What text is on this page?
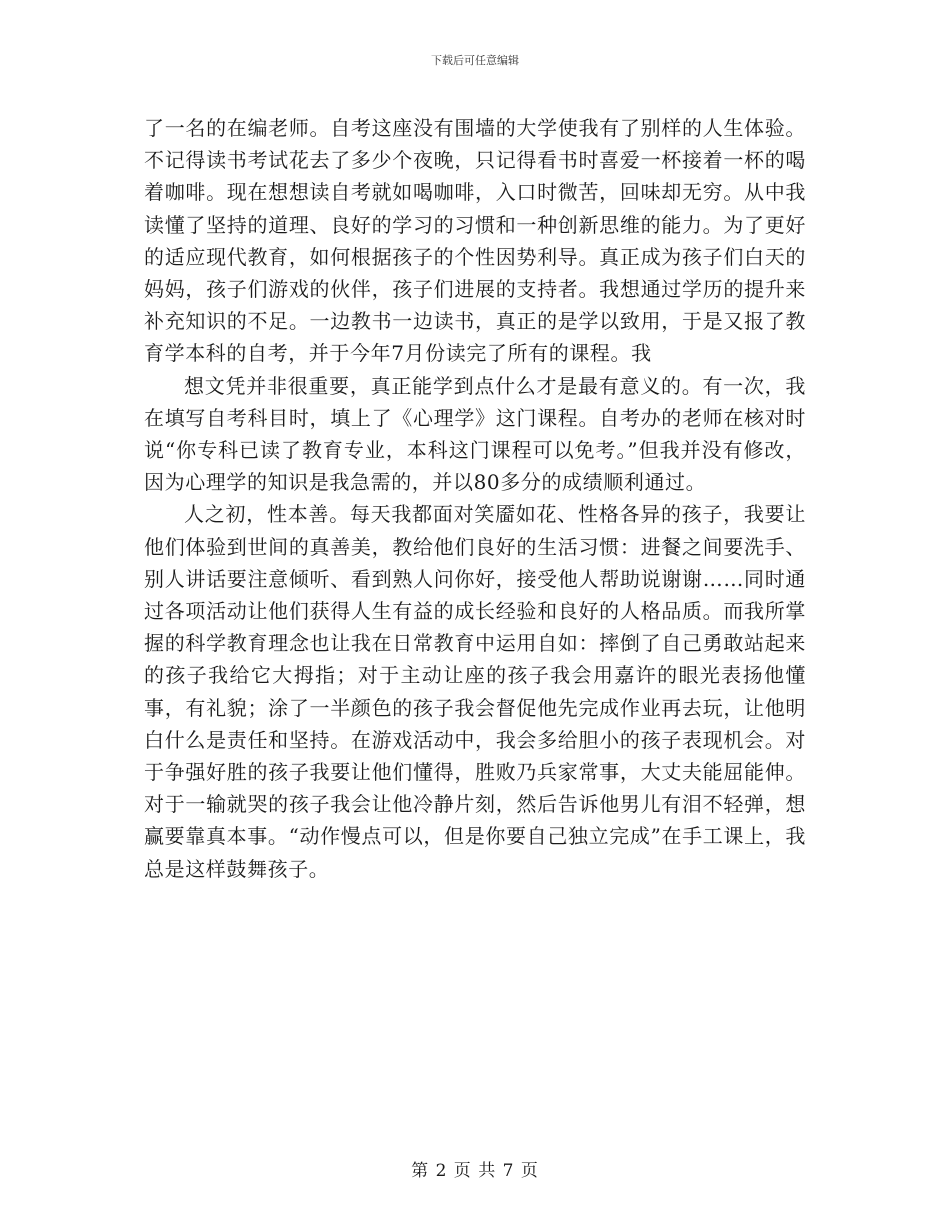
下载后可任意编辑

了一名的在编老师。自考这座没有围墙的大学使我有了别样的人生体验。不记得读书考试花去了多少个夜晚，只记得看书时喜爱一杯接着一杯的喝着咖啡。现在想想读自考就如喝咖啡，入口时微苦，回味却无穷。从中我读懂了坚持的道理、良好的学习的习惯和一种创新思维的能力。为了更好的适应现代教育，如何根据孩子的个性因势利导。真正成为孩子们白天的妈妈，孩子们游戏的伙伴，孩子们进展的支持者。我想通过学历的提升来补充知识的不足。一边教书一边读书，真正的是学以致用，于是又报了教育学本科的自考，并于今年7月份读完了所有的课程。我

想文凭并非很重要，真正能学到点什么才是最有意义的。有一次，我在填写自考科目时，填上了《心理学》这门课程。自考办的老师在核对时说“你专科已读了教育专业，本科这门课程可以免考。”但我并没有修改，因为心理学的知识是我急需的，并以80多分的成绩顺利通过。

人之初，性本善。每天我都面对笑靥如花、性格各异的孩子，我要让他们体验到世间的真善美，教给他们良好的生活习惯：进餐之间要洗手、别人讲话要注意倾听、看到熟人问你好，接受他人帮助说谢谢……同时通过各项活动让他们获得人生有益的成长经验和良好的人格品质。而我所掌握的科学教育理念也让我在日常教育中运用自如：摔倒了自己勇敢站起来的孩子我给它大拇指；对于主动让座的孩子我会用嘉许的眼光表扬他懂事，有礼貌；涂了一半颜色的孩子我会督促他先完成作业再去玩，让他明白什么是责任和坚持。在游戏活动中，我会多给胆小的孩子表现机会。对于争强好胜的孩子我要让他们懂得，胜败乃兵家常事，大丈夫能屈能伸。对于一输就哭的孩子我会让他冷静片刻，然后告诉他男儿有泪不轻弹，想赢要靠真本事。“动作慢点可以，但是你要自己独立完成”在手工课上，我总是这样鼓舞孩子。

第 2 页 共 7 页
